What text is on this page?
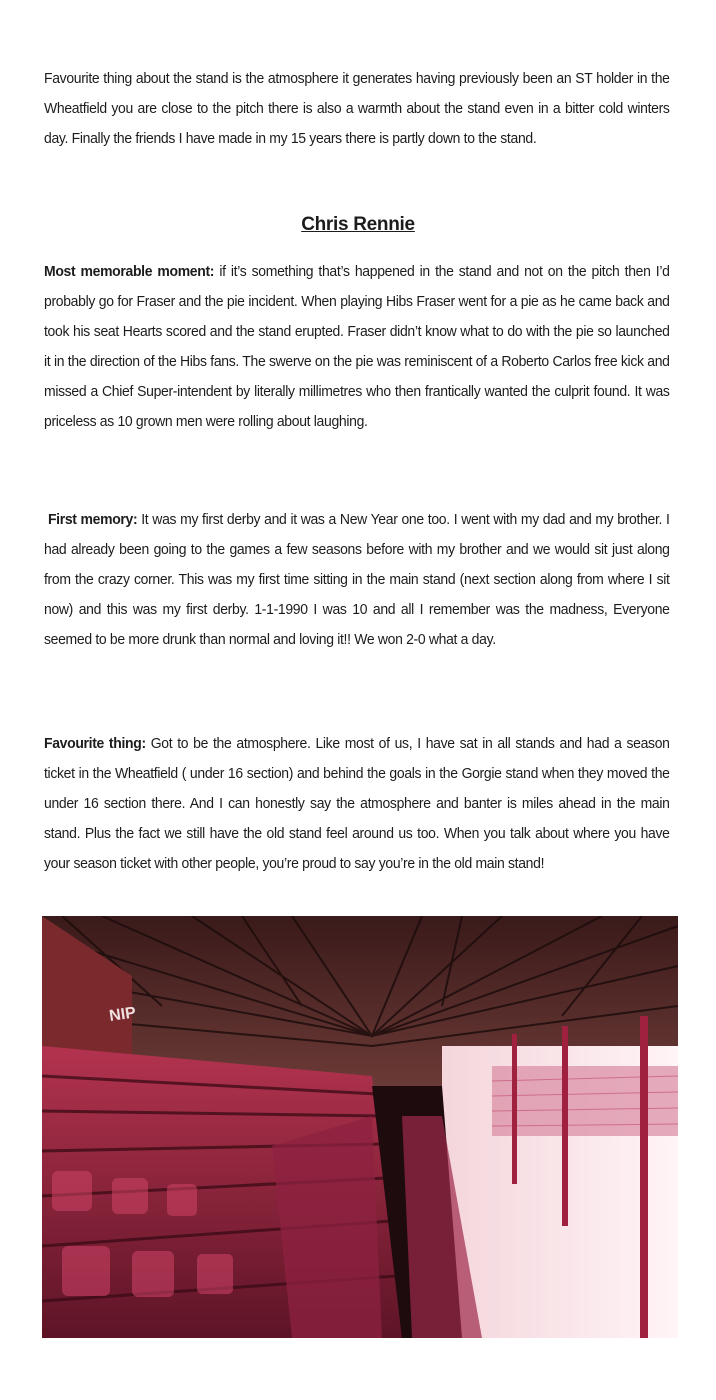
Favourite thing about the stand is the atmosphere it generates having previously been an ST holder in the Wheatfield you are close to the pitch there is also a warmth about the stand even in a bitter cold winters day. Finally the friends I have made in my 15 years there is partly down to the stand.

Chris Rennie

Most memorable moment: if it’s something that’s happened in the stand and not on the pitch then I’d probably go for Fraser and the pie incident. When playing Hibs Fraser went for a pie as he came back and took his seat Hearts scored and the stand erupted. Fraser didn’t know what to do with the pie so launched it in the direction of the Hibs fans. The swerve on the pie was reminiscent of a Roberto Carlos free kick and missed a Chief Super-intendent by literally millimetres who then frantically wanted the culprit found. It was priceless as 10 grown men were rolling about laughing.

First memory: It was my first derby and it was a New Year one too. I went with my dad and my brother. I had already been going to the games a few seasons before with my brother and we would sit just along from the crazy corner. This was my first time sitting in the main stand (next section along from where I sit now) and this was my first derby. 1-1-1990 I was 10 and all I remember was the madness, Everyone seemed to be more drunk than normal and loving it!! We won 2-0 what a day.

Favourite thing: Got to be the atmosphere. Like most of us, I have sat in all stands and had a season ticket in the Wheatfield ( under 16 section) and behind the goals in the Gorgie stand when they moved the under 16 section there. And I can honestly say the atmosphere and banter is miles ahead in the main stand. Plus the fact we still have the old stand feel around us too. When you talk about where you have your season ticket with other people, you’re proud to say you’re in the old main stand!

NIP
